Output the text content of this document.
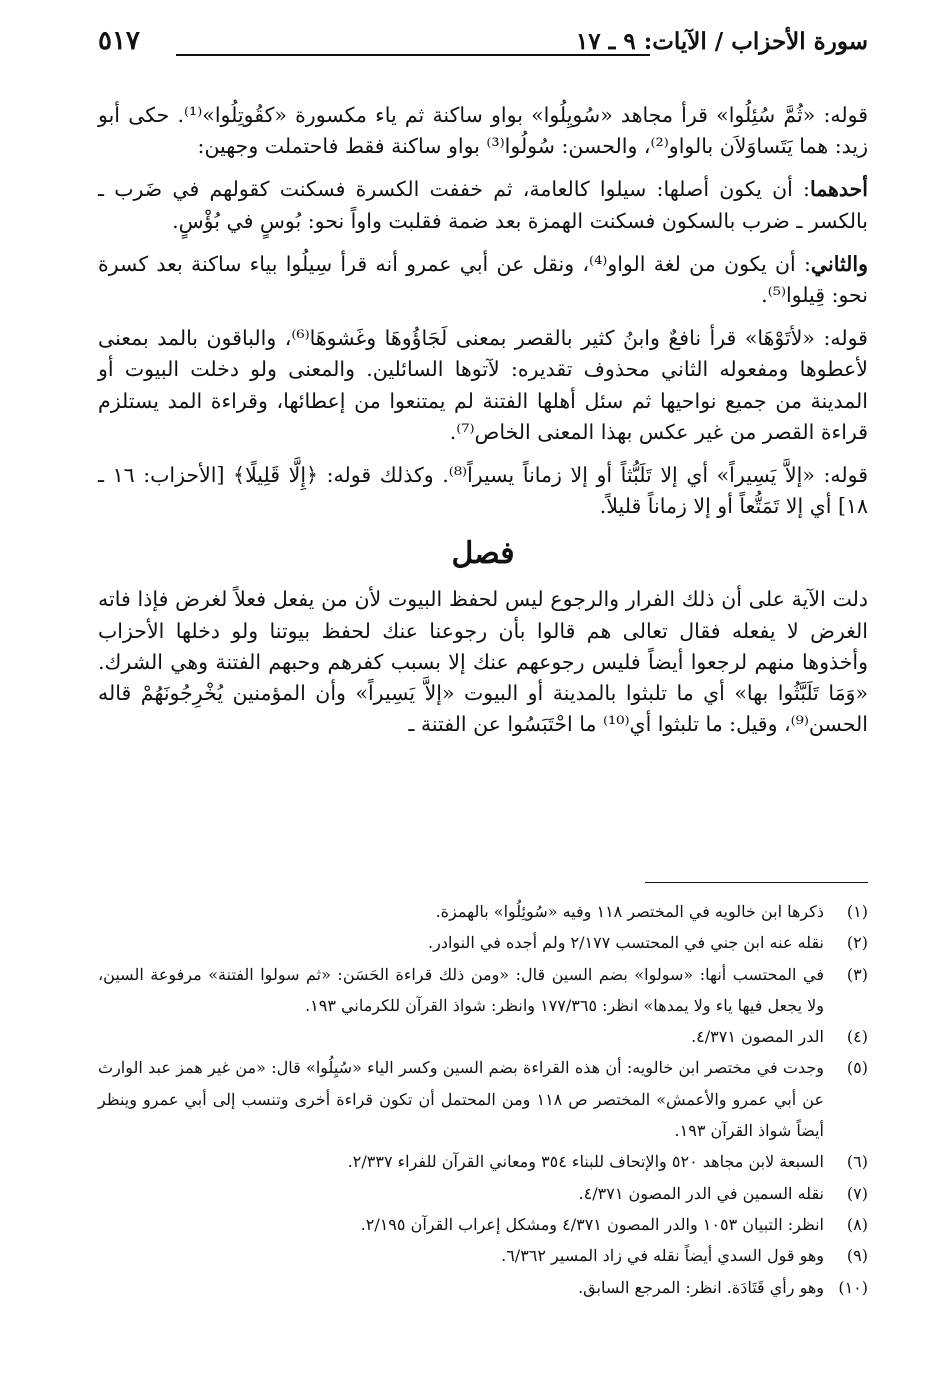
سورة الأحزاب / الآيات: ٩ ـ ١٧
٥١٧

قوله: «ثُمَّ سُئِلُوا» قرأ مجاهد «سُويِلُوا» بواو ساكنة ثم ياء مكسورة «كقُوتِلُوا»⁽¹⁾. حكى أبو زيد: هما يَتَساوَلاَن بالواو⁽²⁾، والحسن: سُولُوا⁽³⁾ بواو ساكنة فقط فاحتملت وجهين:

أحدهما: أن يكون أصلها: سيلوا كالعامة، ثم خففت الكسرة فسكنت كقولهم في ضَرب ـ بالكسر ـ ضرب بالسكون فسكنت الهمزة بعد ضمة فقلبت واواً نحو: بُوسٍ في بُؤْسٍ.

والثاني: أن يكون من لغة الواو⁽⁴⁾، ونقل عن أبي عمرو أنه قرأ سِيلُوا بياء ساكنة بعد كسرة نحو: قِيلوا⁽⁵⁾.

قوله: «لأتَوْهَا» قرأ نافعٌ وابنُ كثير بالقصر بمعنى لَجَاؤُوهَا وغَشوهَا⁽⁶⁾، والباقون بالمد بمعنى لأعطوها ومفعوله الثاني محذوف تقديره: لآتوها السائلين. والمعنى ولو دخلت البيوت أو المدينة من جميع نواحيها ثم سئل أهلها الفتنة لم يمتنعوا من إعطائها، وقراءة المد يستلزم قراءة القصر من غير عكس بهذا المعنى الخاص⁽⁷⁾.

قوله: «إلاَّ يَسِيراً» أي إلا تَلَبُّثاً أو إلا زماناً يسيراً⁽⁸⁾. وكذلك قوله: ﴿إِلَّا قَلِيلًا﴾ [الأحزاب: ١٦ ـ ١٨] أي إلا تَمَتُّعاً أو إلا زماناً قليلاً.

فصل

دلت الآية على أن ذلك الفرار والرجوع ليس لحفظ البيوت لأن من يفعل فعلاً لغرض فإذا فاته الغرض لا يفعله فقال تعالى هم قالوا بأن رجوعنا عنك لحفظ بيوتنا ولو دخلها الأحزاب وأخذوها منهم لرجعوا أيضاً فليس رجوعهم عنك إلا بسبب كفرهم وحبهم الفتنة وهي الشرك. «وَمَا تَلَبَّثُوا بها» أي ما تلبثوا بالمدينة أو البيوت «إلاَّ يَسِيراً» وأن المؤمنين يُخْرِجُونَهُمْ قاله الحسن⁽⁹⁾، وقيل: ما تلبثوا أي⁽¹⁰⁾ ما احْتَبَسُوا عن الفتنة ـ

(١)
ذكرها ابن خالويه في المختصر ١١٨ وفيه «سُوئِلُوا» بالهمزة.
(٢)
نقله عنه ابن جني في المحتسب ٢/١٧٧ ولم أجده في النوادر.
(٣)
في المحتسب أنها: «سولوا» بضم السين قال: «ومن ذلك قراءة الحَسَن: «ثم سولوا الفتنة» مرفوعة السين، ولا يجعل فيها ياء ولا يمدها» انظر: ١٧٧/٣٦٥ وانظر: شواذ القرآن للكرماني ١٩٣.
(٤)
الدر المصون ٤/٣٧١.
(٥)
وجدت في مختصر ابن خالويه: أن هذه القراءة بضم السين وكسر الياء «سُيِلُوا» قال: «من غير همز عبد الوارث عن أبي عمرو والأعمش» المختصر ص ١١٨ ومن المحتمل أن تكون قراءة أخرى وتنسب إلى أبي عمرو وينظر أيضاً شواذ القرآن ١٩٣.
(٦)
السبعة لابن مجاهد ٥٢٠ والإتحاف للبناء ٣٥٤ ومعاني القرآن للفراء ٢/٣٣٧.
(٧)
نقله السمين في الدر المصون ٤/٣٧١.
(٨)
انظر: التبيان ١٠٥٣ والدر المصون ٤/٣٧١ ومشكل إعراب القرآن ٢/١٩٥.
(٩)
وهو قول السدي أيضاً نقله في زاد المسير ٦/٣٦٢.
(١٠)
وهو رأي قَتَادَة. انظر: المرجع السابق.
